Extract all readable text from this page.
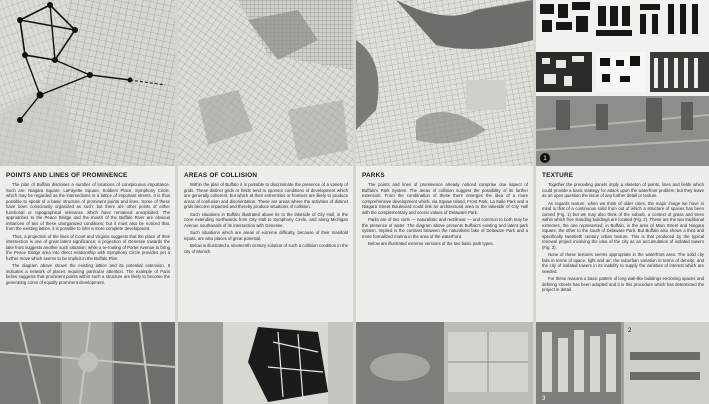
POINTS AND LINES OF PROMINENCE

The plan of Buffalo discloses a number of locations of conspicuous importance. Such are: Niagara Square, LaFayette Square, Soldiers Place, Symphony Circle, which may be regarded as the intersections in a lattice of important streets. It is thus possible to speak of a basic structure of prominent points and lines. Some of these have been consciously organized as such; but there are other points of either functional or topographical relevance which have remained unexploited. The approaches to the Peace Bridge and the mouth of the Buffalo River are obvious instances of two of these unorganized conditions; but it must also be noticed that, from the existing lattice, it is possible to infer a more complete development.

Thus, a projection of the lines of Court and Virginia suggests that the place of their intersection is one of great latent significance; a projection of Genesee towards the lake front suggests another such situation; while a re-routing of Porter Avenue to bring the Peace Bridge area into direct relationship with Symphony Circle provides yet a further move which seems to be implicit in the Buffalo Plan.

The diagram above shows the existing lattice and its potential extension. It indicates a network of places requiring particular attention. The example of Paris below suggests that prominent points within such a structure are likely to become the generating cores of equally prominent development.

AREAS OF COLLISION

Within the plan of Buffalo it is possible to discriminate the presence of a variety of grids. These distinct grids or fields tend to sponsor conditions of development which are generally coherent, but which at their extremities or frontiers are likely to produce areas of confusion and disorientation. These are areas where the activities of distinct grids become impacted and thereby produce situations of collision.

Such situations in Buffalo illustrated above lie to the lakeside of City Hall, in the zone extending northwards from City Hall to Symphony Circle, and along Michigan Avenue southwards of its intersection with Genesee.

Such situations which are areas of extreme difficulty, because of their manifold inputs, are also places of great potential.

Below is illustrated a nineteenth century solution of such a collision condition in the city of Munich.

PARKS

The points and lines of prominence already noticed comprise one aspect of Buffalo's Park System. The areas of collision suggest the possibility of its further extension. From the combination of these there emerges the idea of a more comprehensive development which, via Squaw Island, Front Park, La Salle Park and a Niagara Street Boulevard could link an architectural area to the lakeside of City Hall with the complementary and scenic values of Delaware Park.

Parks are of two sorts — naturalistic and rectilinear — and common to both may be the presence of water. The diagram above presents Buffalo's existing and latent park system. Implied is the contrast between the naturalistic lake of Delaware Park and a more formalized marina in the area of the waterfront.

Below are illustrated extreme versions of the two basic park types.

1
TEXTURE

Together the preceding panels imply a skeleton of points, lines and fields which could provide a basic strategy for attack upon the waterfront problem; but they leave as an open question the issue of any further detail or texture.

As regards texture, when we think of older cities, the major image we have in mind is that of a continuous solid from out of which a structure of spaces has been carved (Fig. 1) but we may also think of the suburb, a context of grass and trees within which free standing buildings are located (Fig. 2). These are the two traditional extremes, the one represented, in Buffalo, in the area of Main Street and Niagara Square, the other to the south of Delaware Park. But Buffalo also shows a third and specifically twentieth century urban texture. This is that produced by the typical renewal project involving the idea of the city as an accumulation of isolated towers (Fig. 3).

None of these textures seems appropriate in the waterfront area. The solid city fails in terms of space, light and air; the suburban variation in terms of density; and the city of isolated towers in its inability to supply the varieties of interest which are needed.

For these reasons a basic pattern of long wall-like buildings enclosing spaces and defining streets has been adopted and it is this procedure which has determined the project in detail.

2
3
